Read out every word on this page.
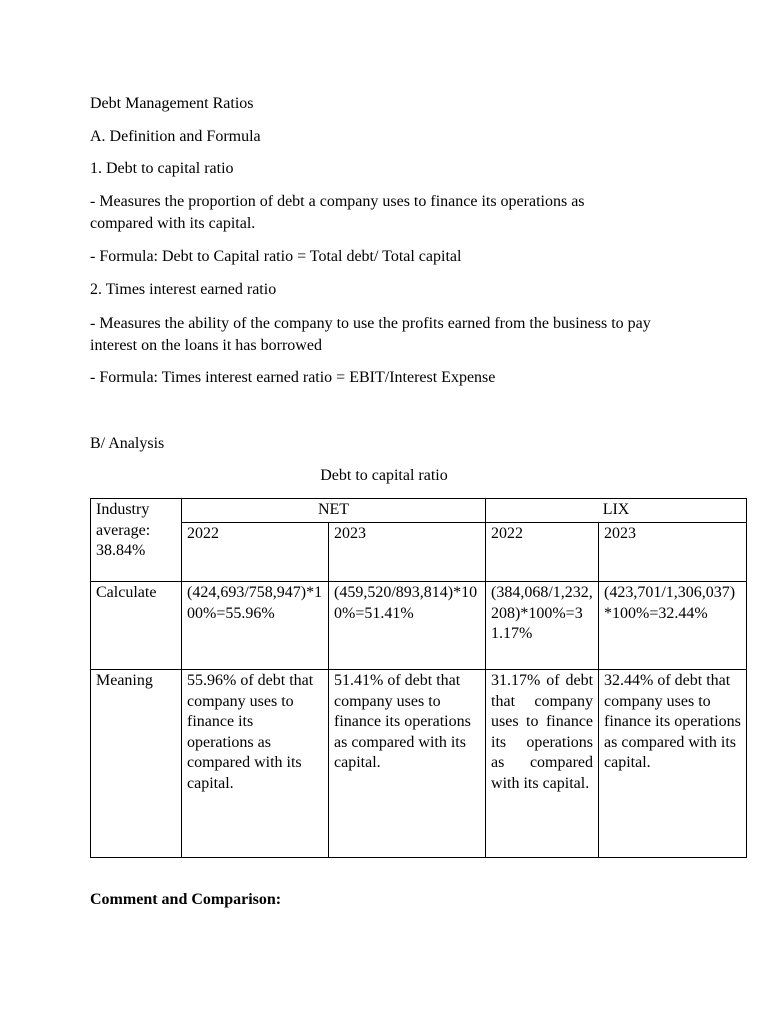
Debt Management Ratios

A. Definition and Formula

1. Debt to capital ratio

- Measures the proportion of debt a company uses to finance its operations as compared with its capital.

- Formula: Debt to Capital ratio = Total debt/ Total capital

2. Times interest earned ratio

- Measures the ability of the company to use the profits earned from the business to pay interest on the loans it has borrowed

- Formula: Times interest earned ratio = EBIT/Interest Expense

B/ Analysis

Debt to capital ratio
Industry average: 38.84%	NET		LIX	
	2022	2023	2022	2023
Calculate	(424,693/758,947)*100%=55.96%	(459,520/893,814)*100%=51.41%	(384,068/1,232,208)*100%=31.17%	(423,701/1,306,037)*100%=32.44%
Meaning	55.96% of debt that company uses to finance its operations as compared with its capital.	51.41% of debt that company uses to finance its operations as compared with its capital.	31.17% of debt that company uses to finance its operations as compared with its capital.	32.44% of debt that company uses to finance its operations as compared with its capital.
Comment and Comparison:
